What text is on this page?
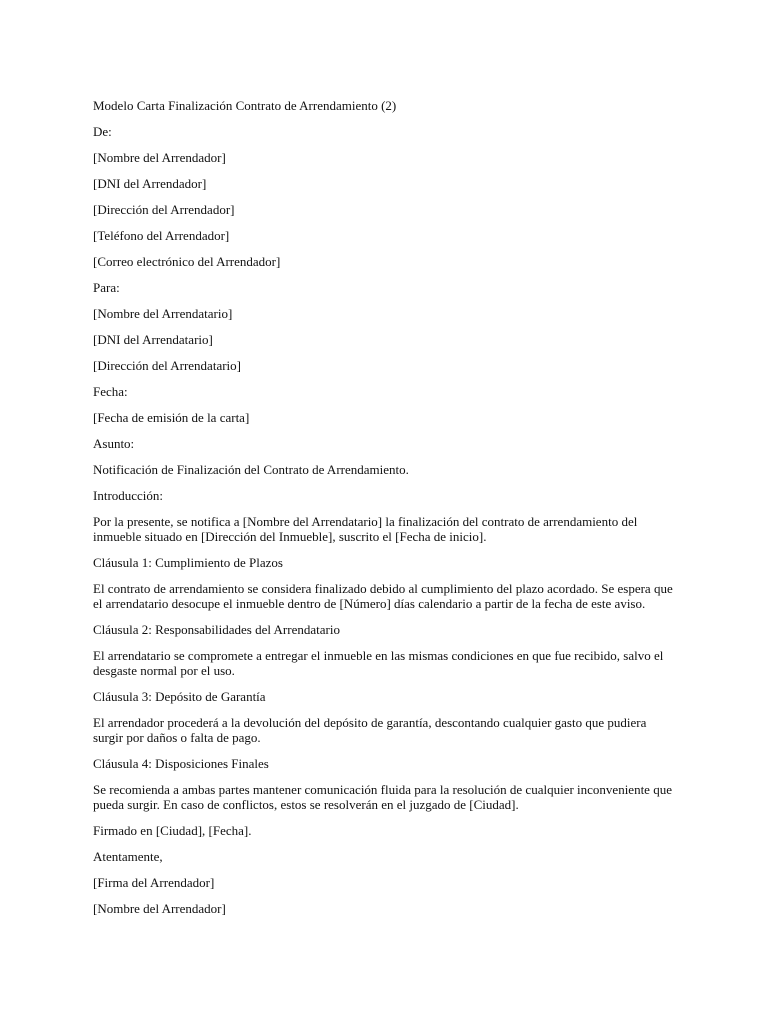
Modelo Carta Finalización Contrato de Arrendamiento (2)

De:

[Nombre del Arrendador]

[DNI del Arrendador]

[Dirección del Arrendador]

[Teléfono del Arrendador]

[Correo electrónico del Arrendador]

Para:

[Nombre del Arrendatario]

[DNI del Arrendatario]

[Dirección del Arrendatario]

Fecha:

[Fecha de emisión de la carta]

Asunto:

Notificación de Finalización del Contrato de Arrendamiento.

Introducción:

Por la presente, se notifica a [Nombre del Arrendatario] la finalización del contrato de arrendamiento del inmueble situado en [Dirección del Inmueble], suscrito el [Fecha de inicio].

Cláusula 1: Cumplimiento de Plazos

El contrato de arrendamiento se considera finalizado debido al cumplimiento del plazo acordado. Se espera que el arrendatario desocupe el inmueble dentro de [Número] días calendario a partir de la fecha de este aviso.

Cláusula 2: Responsabilidades del Arrendatario

El arrendatario se compromete a entregar el inmueble en las mismas condiciones en que fue recibido, salvo el desgaste normal por el uso.

Cláusula 3: Depósito de Garantía

El arrendador procederá a la devolución del depósito de garantía, descontando cualquier gasto que pudiera surgir por daños o falta de pago.

Cláusula 4: Disposiciones Finales

Se recomienda a ambas partes mantener comunicación fluida para la resolución de cualquier inconveniente que pueda surgir. En caso de conflictos, estos se resolverán en el juzgado de [Ciudad].

Firmado en [Ciudad], [Fecha].

Atentamente,

[Firma del Arrendador]

[Nombre del Arrendador]
